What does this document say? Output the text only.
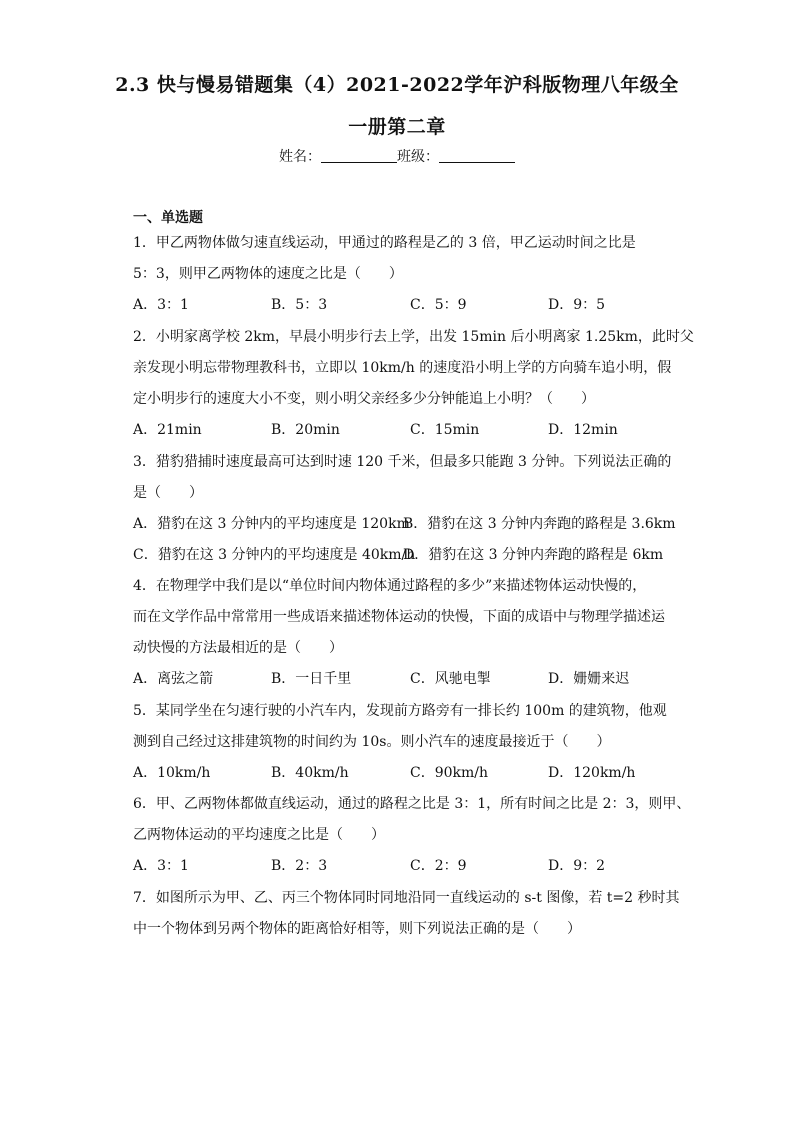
2.3 快与慢易错题集（4）2021-2022学年沪科版物理八年级全
一册第二章
姓名：	班级：
一、单选题
1．甲乙两物体做匀速直线运动，甲通过的路程是乙的 3 倍，甲乙运动时间之比是
5：3，则甲乙两物体的速度之比是（　　）
A．3：1	B．5：3	C．5：9	D．9：5
2．小明家离学校 2km，早晨小明步行去上学，出发 15min 后小明离家 1.25km，此时父
亲发现小明忘带物理教科书，立即以 10km/h 的速度沿小明上学的方向骑车追小明，假
定小明步行的速度大小不变，则小明父亲经多少分钟能追上小明？（　　）
A．21min	B．20min	C．15min	D．12min
3．猎豹猎捕时速度最高可达到时速 120 千米，但最多只能跑 3 分钟。下列说法正确的
是（　　）
A．猎豹在这 3 分钟内的平均速度是 120km
B．猎豹在这 3 分钟内奔跑的路程是 3.6km
C．猎豹在这 3 分钟内的平均速度是 40km/h
D．猎豹在这 3 分钟内奔跑的路程是 6km
4．在物理学中我们是以“单位时间内物体通过路程的多少”来描述物体运动快慢的，
而在文学作品中常常用一些成语来描述物体运动的快慢，下面的成语中与物理学描述运
动快慢的方法最相近的是（　　）
A．离弦之箭	B．一日千里	C．风驰电掣	D．姗姗来迟
5．某同学坐在匀速行驶的小汽车内，发现前方路旁有一排长约 100m 的建筑物，他观
测到自己经过这排建筑物的时间约为 10s。则小汽车的速度最接近于（　　）
A．10km/h	B．40km/h	C．90km/h	D．120km/h
6．甲、乙两物体都做直线运动，通过的路程之比是 3：1，所有时间之比是 2：3，则甲、
乙两物体运动的平均速度之比是（　　）
A．3：1	B．2：3	C．2：9	D．9：2
7．如图所示为甲、乙、丙三个物体同时同地沿同一直线运动的 s-t 图像，若 t=2 秒时其
中一个物体到另两个物体的距离恰好相等，则下列说法正确的是（　　）
